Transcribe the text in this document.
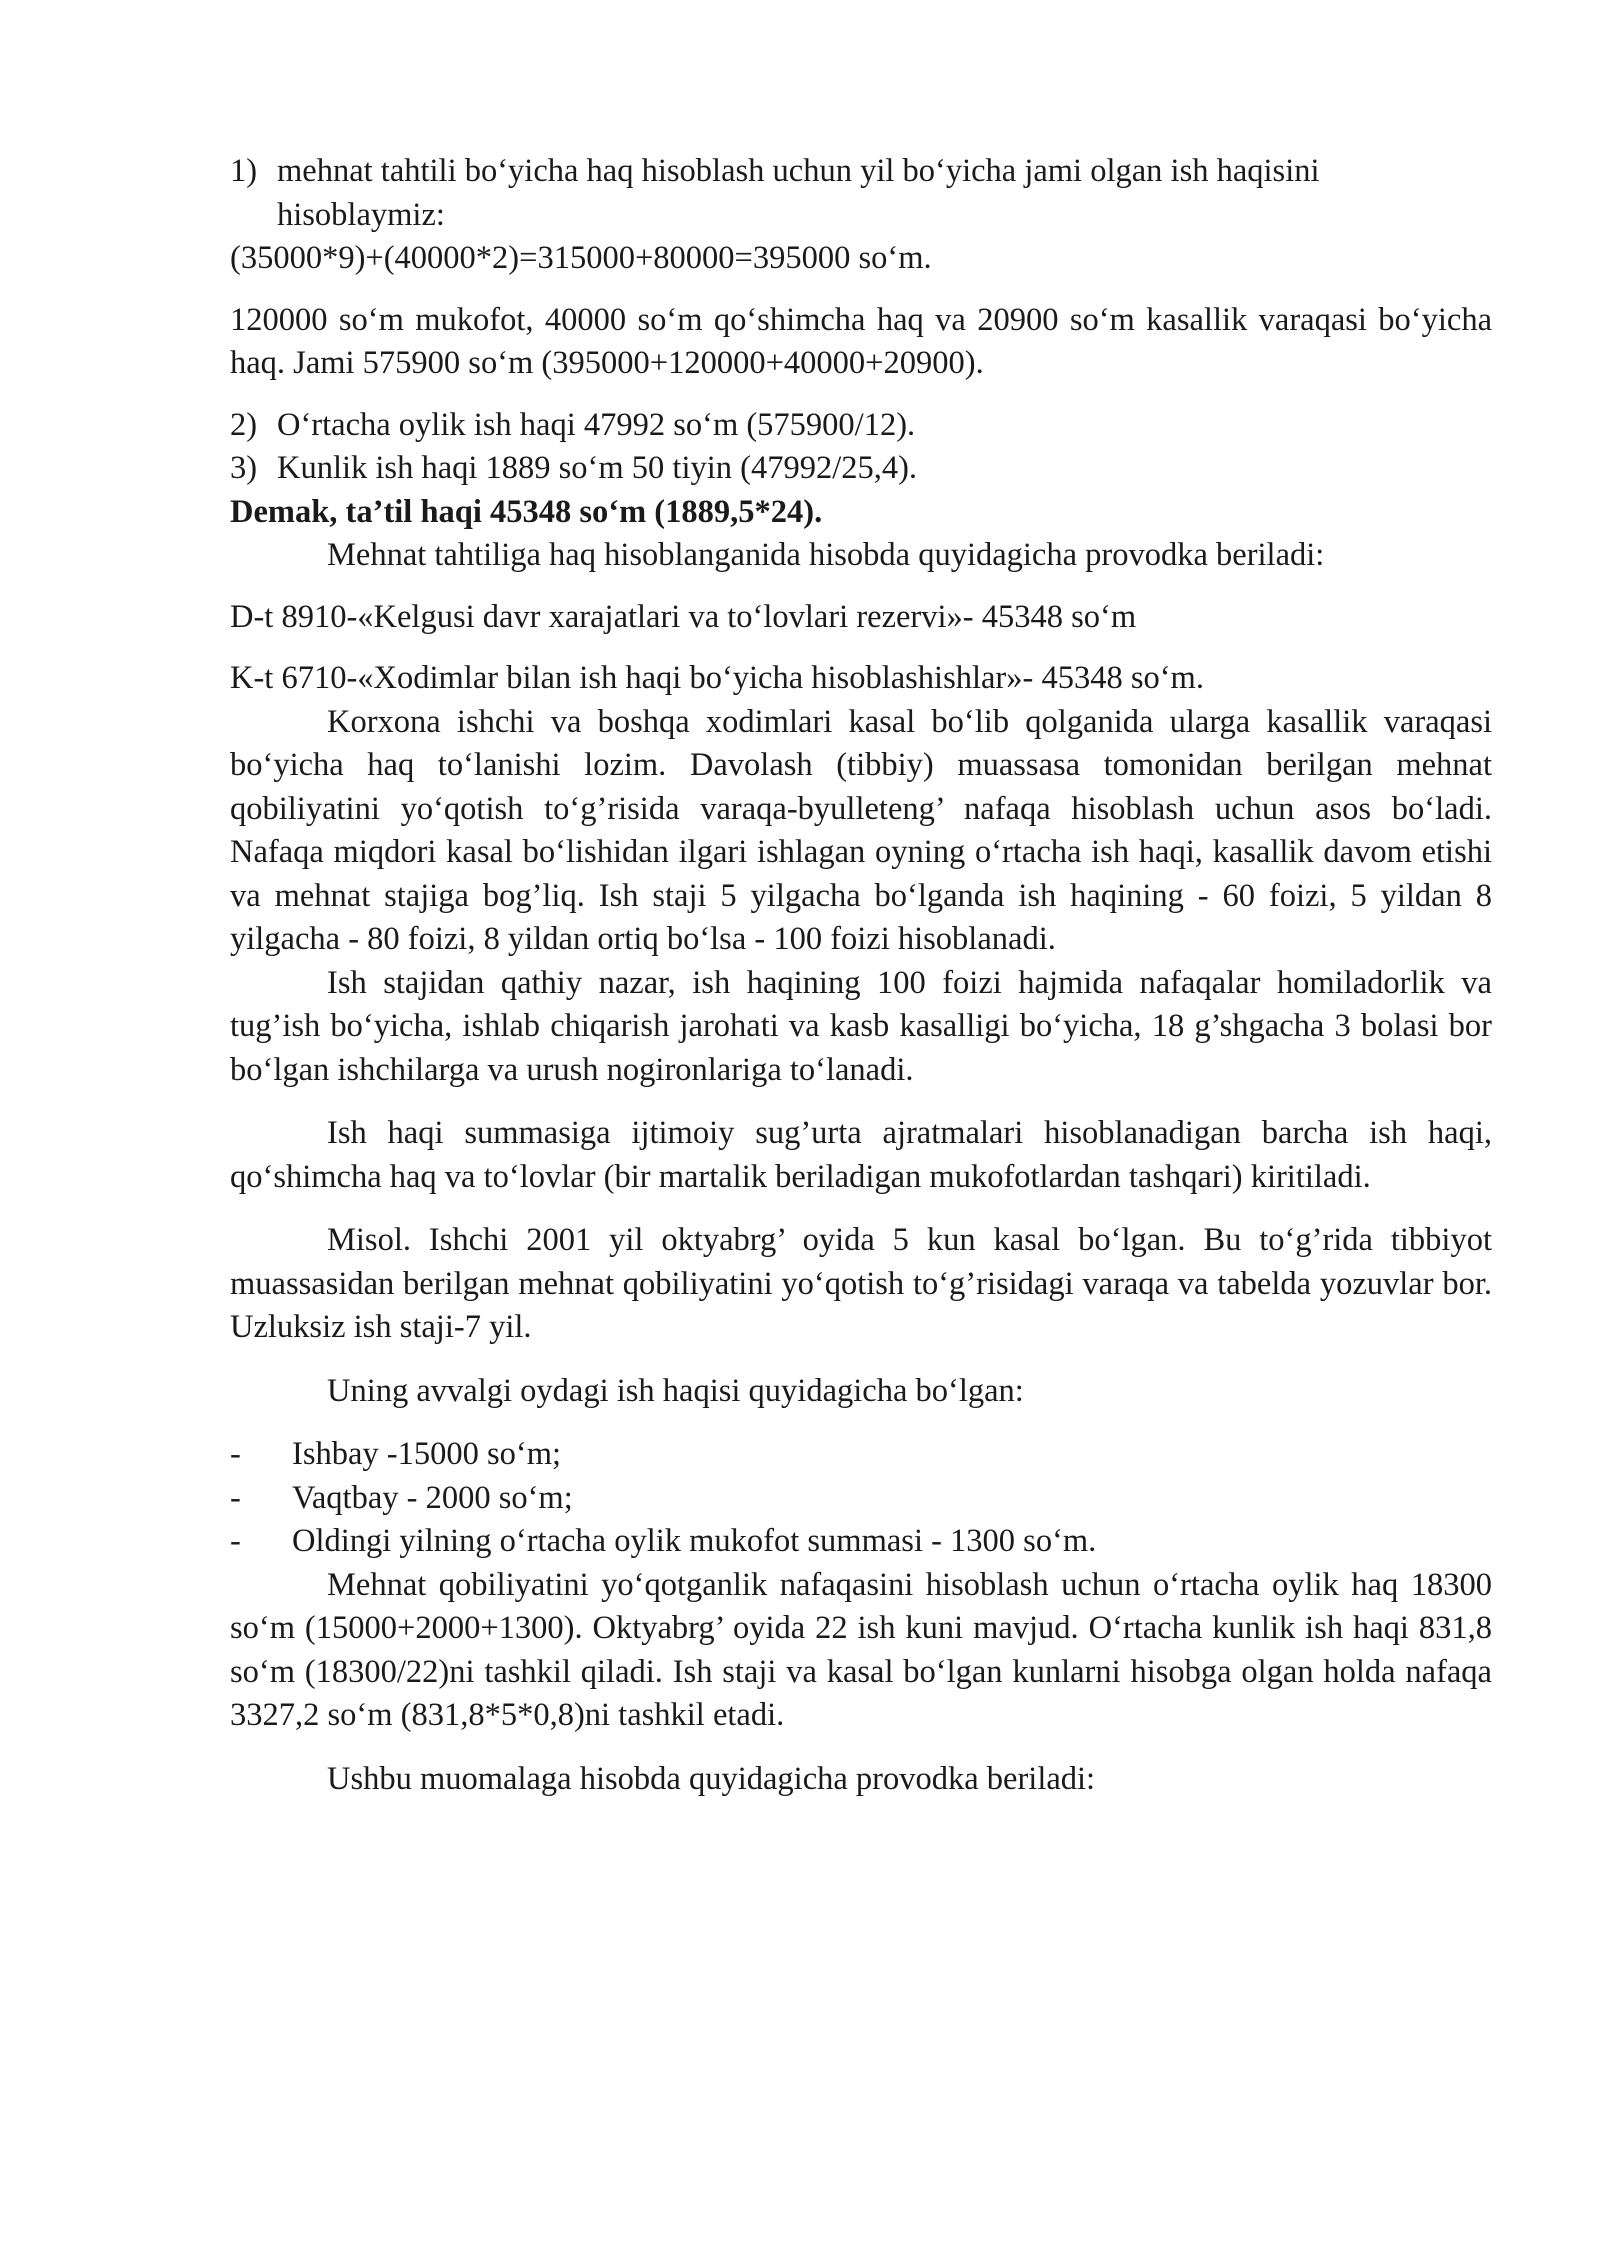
1) mehnat tahtili bo‘yicha haq hisoblash uchun yil bo‘yicha jami olgan ish haqisini hisoblaymiz:

(35000*9)+(40000*2)=315000+80000=395000 so‘m.

120000 so‘m mukofot, 40000 so‘m qo‘shimcha haq va 20900 so‘m kasallik varaqasi bo‘yicha haq. Jami 575900 so‘m (395000+120000+40000+20900).

2) O‘rtacha oylik ish haqi 47992 so‘m (575900/12).
3) Kunlik ish haqi 1889 so‘m 50 tiyin (47992/25,4).

Demak, ta’til haqi 45348 so‘m (1889,5*24).

Mehnat tahtiliga haq hisoblanganida hisobda quyidagicha provodka beriladi:

D-t 8910-«Kelgusi davr xarajatlari va to‘lovlari rezervi»- 45348 so‘m

K-t 6710-«Xodimlar bilan ish haqi bo‘yicha hisoblashishlar»- 45348 so‘m.

Korxona ishchi va boshqa xodimlari kasal bo‘lib qolganida ularga kasallik varaqasi bo‘yicha haq to‘lanishi lozim. Davolash (tibbiy) muassasa tomonidan berilgan mehnat qobiliyatini yo‘qotish to‘g’risida varaqa-byulleteng’ nafaqa hisoblash uchun asos bo‘ladi. Nafaqa miqdori kasal bo‘lishidan ilgari ishlagan oyning o‘rtacha ish haqi, kasallik davom etishi va mehnat stajiga bog’liq. Ish staji 5 yilgacha bo‘lganda ish haqining - 60 foizi, 5 yildan 8 yilgacha - 80 foizi, 8 yildan ortiq bo‘lsa - 100 foizi hisoblanadi.

Ish stajidan qathiy nazar, ish haqining 100 foizi hajmida nafaqalar homiladorlik va tug’ish bo‘yicha, ishlab chiqarish jarohati va kasb kasalligi bo‘yicha, 18 g’shgacha 3 bolasi bor bo‘lgan ishchilarga va urush nogironlariga to‘lanadi.

Ish haqi summasiga ijtimoiy sug’urta ajratmalari hisoblanadigan barcha ish haqi, qo‘shimcha haq va to‘lovlar (bir martalik beriladigan mukofotlardan tashqari) kiritiladi.

Misol. Ishchi 2001 yil oktyabrg’ oyida 5 kun kasal bo‘lgan. Bu to‘g’rida tibbiyot muassasidan berilgan mehnat qobiliyatini yo‘qotish to‘g’risidagi varaqa va tabelda yozuvlar bor. Uzluksiz ish staji-7 yil.

Uning avvalgi oydagi ish haqisi quyidagicha bo‘lgan:

-	Ishbay -15000 so‘m;
-	Vaqtbay - 2000 so‘m;
-	Oldingi yilning o‘rtacha oylik mukofot summasi - 1300 so‘m.

Mehnat qobiliyatini yo‘qotganlik nafaqasini hisoblash uchun o‘rtacha oylik haq 18300 so‘m (15000+2000+1300). Oktyabrg’ oyida 22 ish kuni mavjud. O‘rtacha kunlik ish haqi 831,8 so‘m (18300/22)ni tashkil qiladi. Ish staji va kasal bo‘lgan kunlarni hisobga olgan holda nafaqa 3327,2 so‘m (831,8*5*0,8)ni tashkil etadi.

Ushbu muomalaga hisobda quyidagicha provodka beriladi:
